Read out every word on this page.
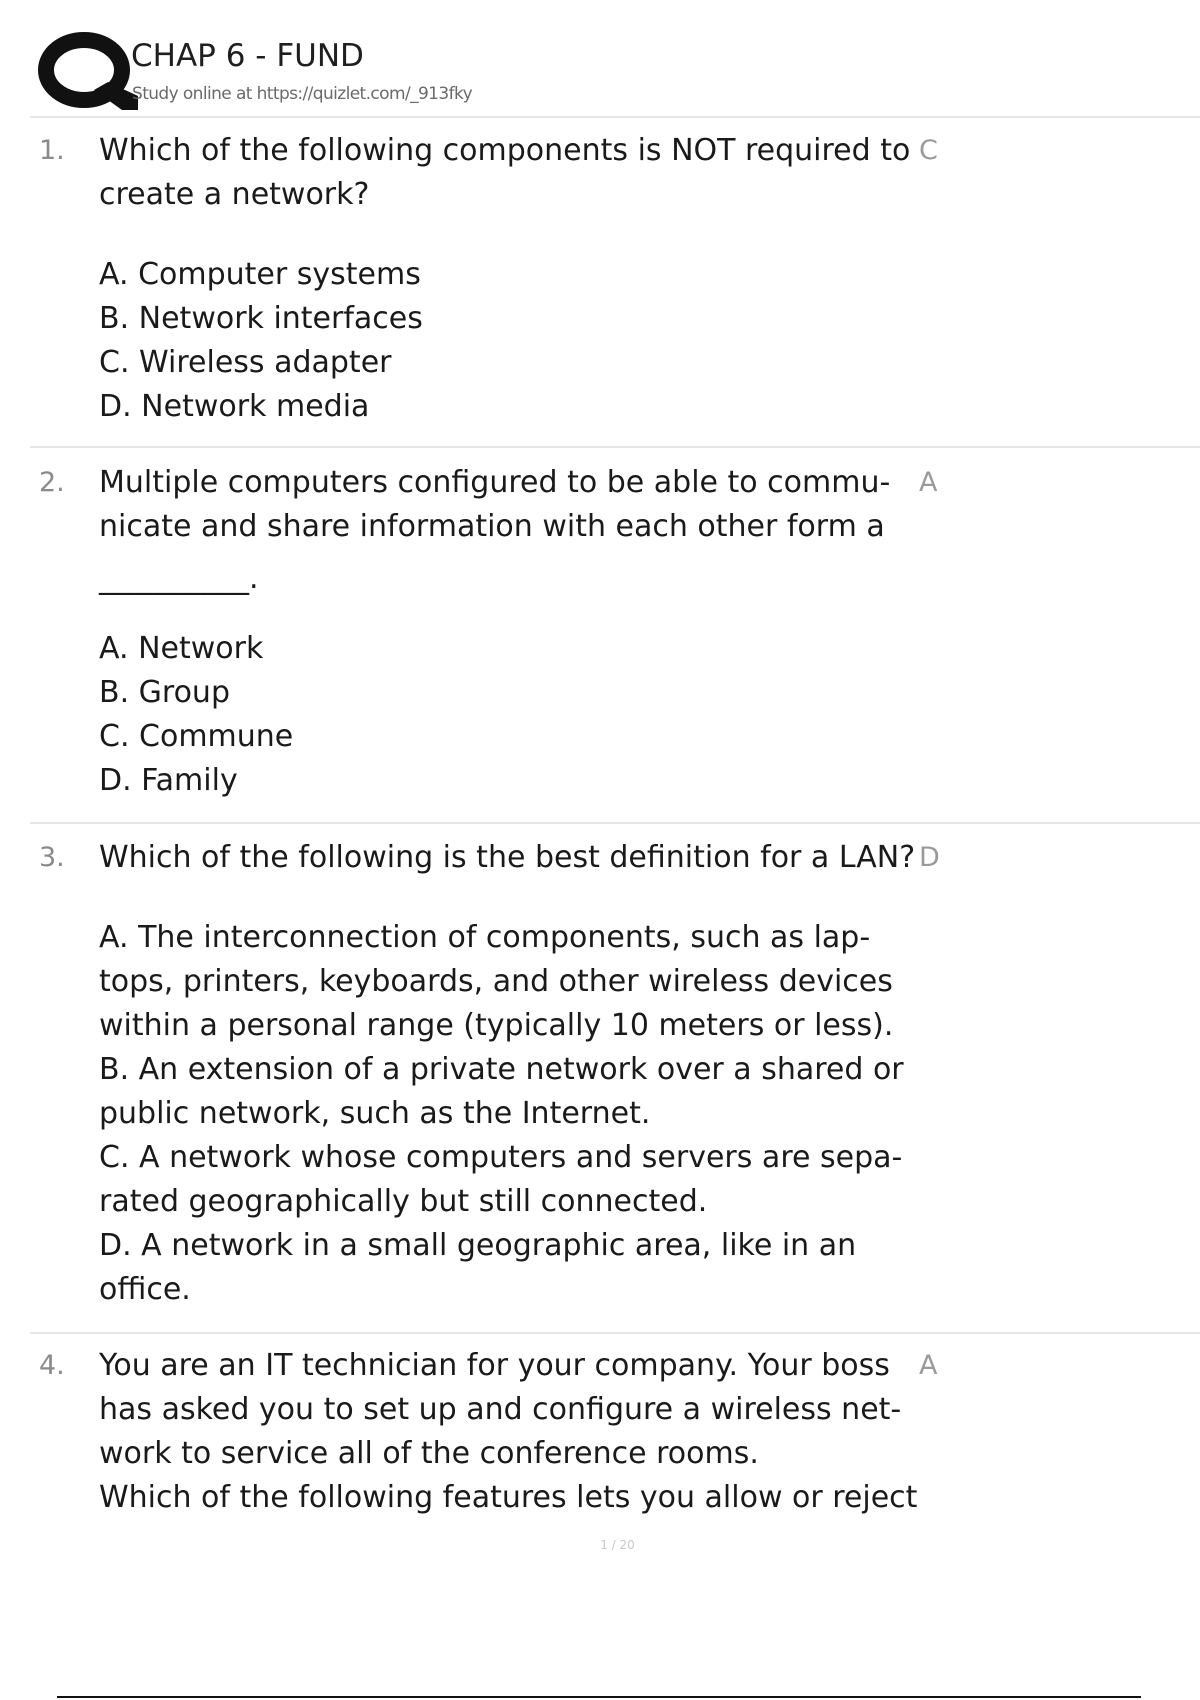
CHAP 6 - FUND
Study online at https://quizlet.com/_913fky
1. Which of the following components is NOT required to create a network?
C
A. Computer systems
B. Network interfaces
C. Wireless adapter
D. Network media
2. Multiple computers configured to be able to commu-
nicate and share information with each other form a
__________.
A
A. Network
B. Group
C. Commune
D. Family
3. Which of the following is the best definition for a LAN? D
A. The interconnection of components, such as lap-tops, printers, keyboards, and other wireless devices within a personal range (typically 10 meters or less).
B. An extension of a private network over a shared or public network, such as the Internet.
C. A network whose computers and servers are sepa-rated geographically but still connected.
D. A network in a small geographic area, like in an office.
4. You are an IT technician for your company. Your boss has asked you to set up and configure a wireless net-work to service all of the conference rooms.
Which of the following features lets you allow or reject
A
1 / 20
